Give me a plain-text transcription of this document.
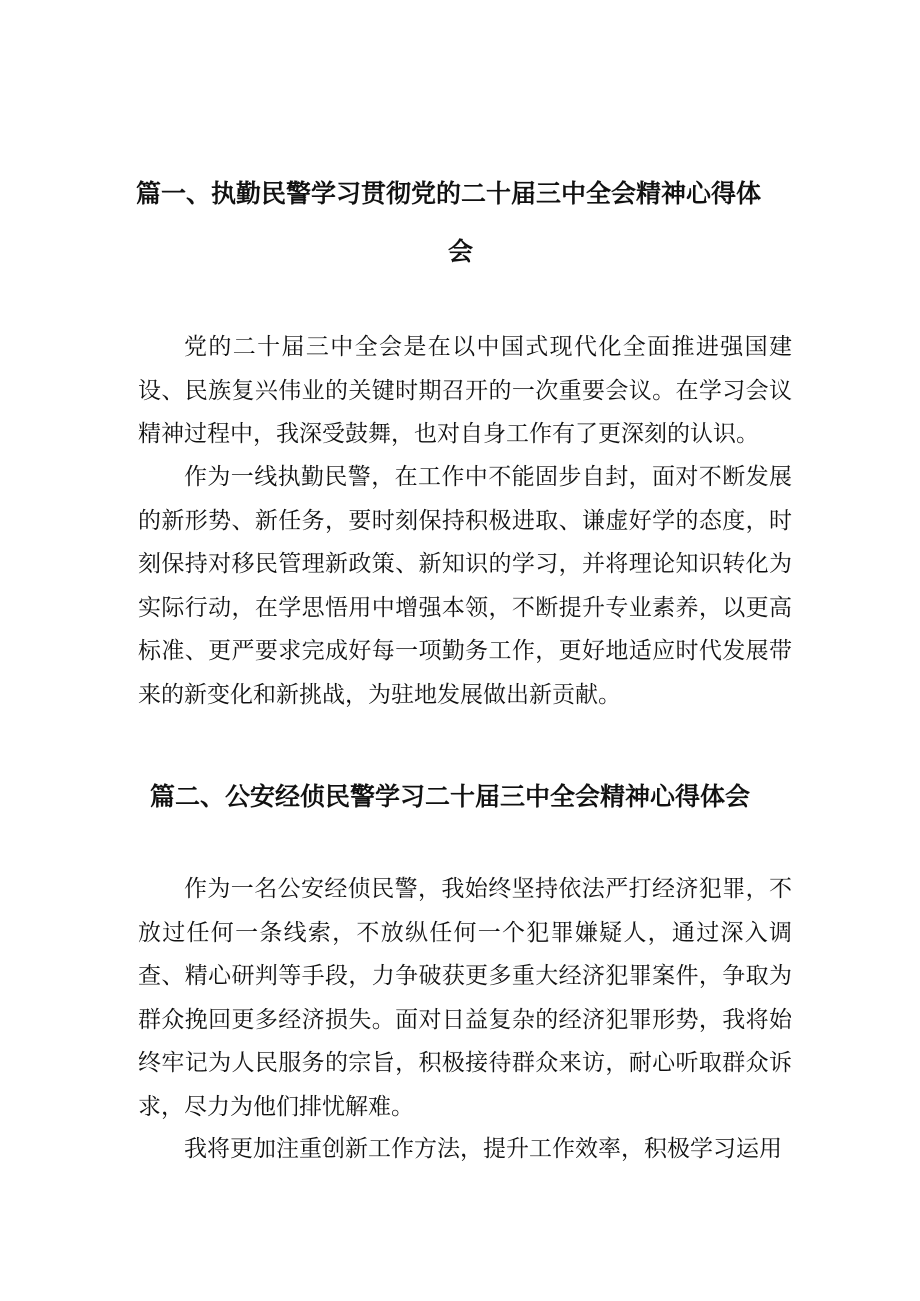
篇一、执勤民警学习贯彻党的二十届三中全会精神心得体
会

党的二十届三中全会是在以中国式现代化全面推进强国建设、民族复兴伟业的关键时期召开的一次重要会议。在学习会议精神过程中，我深受鼓舞，也对自身工作有了更深刻的认识。

作为一线执勤民警，在工作中不能固步自封，面对不断发展的新形势、新任务，要时刻保持积极进取、谦虚好学的态度，时刻保持对移民管理新政策、新知识的学习，并将理论知识转化为实际行动，在学思悟用中增强本领，不断提升专业素养，以更高标准、更严要求完成好每一项勤务工作，更好地适应时代发展带来的新变化和新挑战，为驻地发展做出新贡献。

篇二、公安经侦民警学习二十届三中全会精神心得体会

作为一名公安经侦民警，我始终坚持依法严打经济犯罪，不放过任何一条线索，不放纵任何一个犯罪嫌疑人，通过深入调查、精心研判等手段，力争破获更多重大经济犯罪案件，争取为群众挽回更多经济损失。面对日益复杂的经济犯罪形势，我将始终牢记为人民服务的宗旨，积极接待群众来访，耐心听取群众诉求，尽力为他们排忧解难。

我将更加注重创新工作方法，提升工作效率，积极学习运用
